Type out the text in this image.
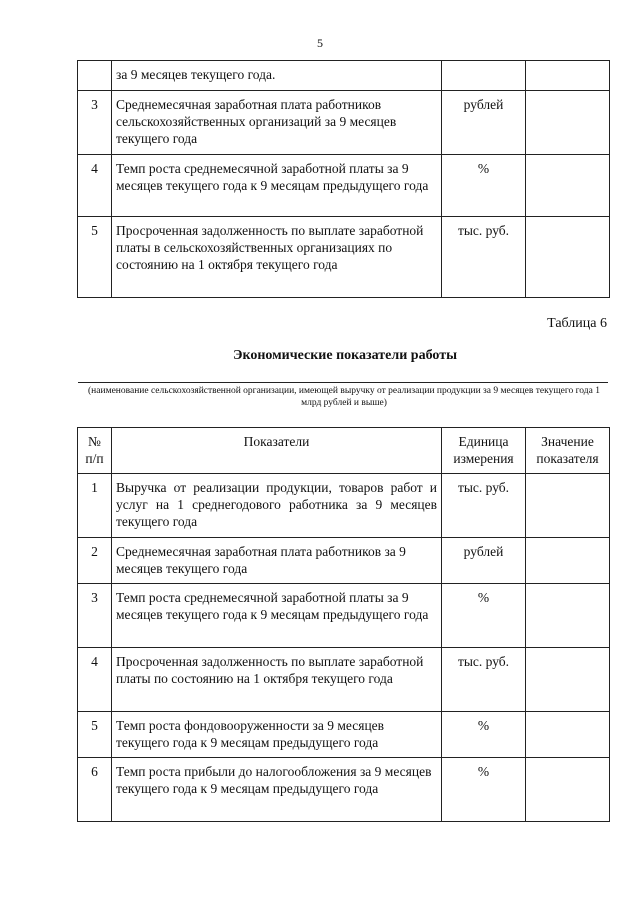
5
	за 9 месяцев текущего года.		
3	Среднемесячная заработная плата работников сельскохозяйственных организаций за 9 месяцев текущего года	рублей	
4	Темп роста среднемесячной заработной платы за 9 месяцев текущего года к 9 месяцам предыдущего года	%	
5	Просроченная задолженность по выплате заработной платы в сельскохозяйственных организациях по состоянию на 1 октября текущего года	тыс. руб.	
Таблица 6
Экономические показатели работы
(наименование сельскохозяйственной организации, имеющей выручку от реализации продукции за 9 месяцев текущего года 1 млрд рублей и выше)
№ п/п	Показатели	Единица измерения	Значение показателя
1	Выручка от реализации продукции, товаров работ и услуг на 1 среднегодового работника за 9 месяцев текущего года	тыс. руб.	
2	Среднемесячная заработная плата работников за 9 месяцев текущего года	рублей	
3	Темп роста среднемесячной заработной платы за 9 месяцев текущего года к 9 месяцам предыдущего года	%	
4	Просроченная задолженность по выплате заработной платы по состоянию на 1 октября текущего года	тыс. руб.	
5	Темп роста фондовооруженности за 9 месяцев текущего года к 9 месяцам предыдущего года	%	
6	Темп роста прибыли до налогообложения за 9 месяцев текущего года к 9 месяцам предыдущего года	%	
